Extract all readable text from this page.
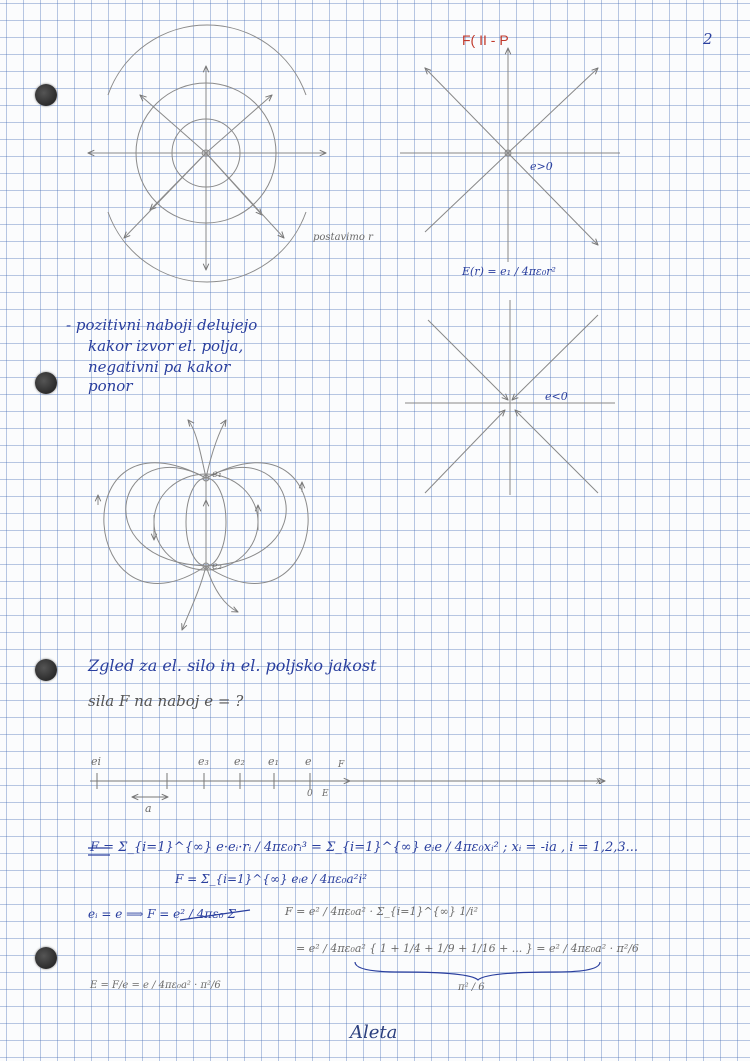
F( II - P	2
e>0
postavimo r
E(r) = e₁ / 4πε₀r²
e<0
- pozitivni naboji delujejo
kakor izvor el. polja,
negativni pa kakor
ponor
e₁
e₂
Zgled za el. silo in el. poljsko jakost
sila F na naboj e = ?
ei	e₃ e₂ e₁ e	F
0 E
a
x
F = Σ_{i=1}^{∞} e·eᵢ·rᵢ / 4πε₀rᵢ³ = Σ_{i=1}^{∞} eᵢe / 4πε₀xᵢ² ; xᵢ = -ia , i = 1,2,3...
F = Σ_{i=1}^{∞} eᵢe / 4πε₀a²i²
eᵢ = e ⟹ F = e² / 4πε₀ Σ	F = e² / 4πε₀a² · Σ_{i=1}^{∞} 1/i²
= e² / 4πε₀a² { 1 + 1/4 + 1/9 + 1/16 + ... } = e² / 4πε₀a² · π²/6
π² / 6
E = F/e = e / 4πε₀a² · π²/6
Aleta
